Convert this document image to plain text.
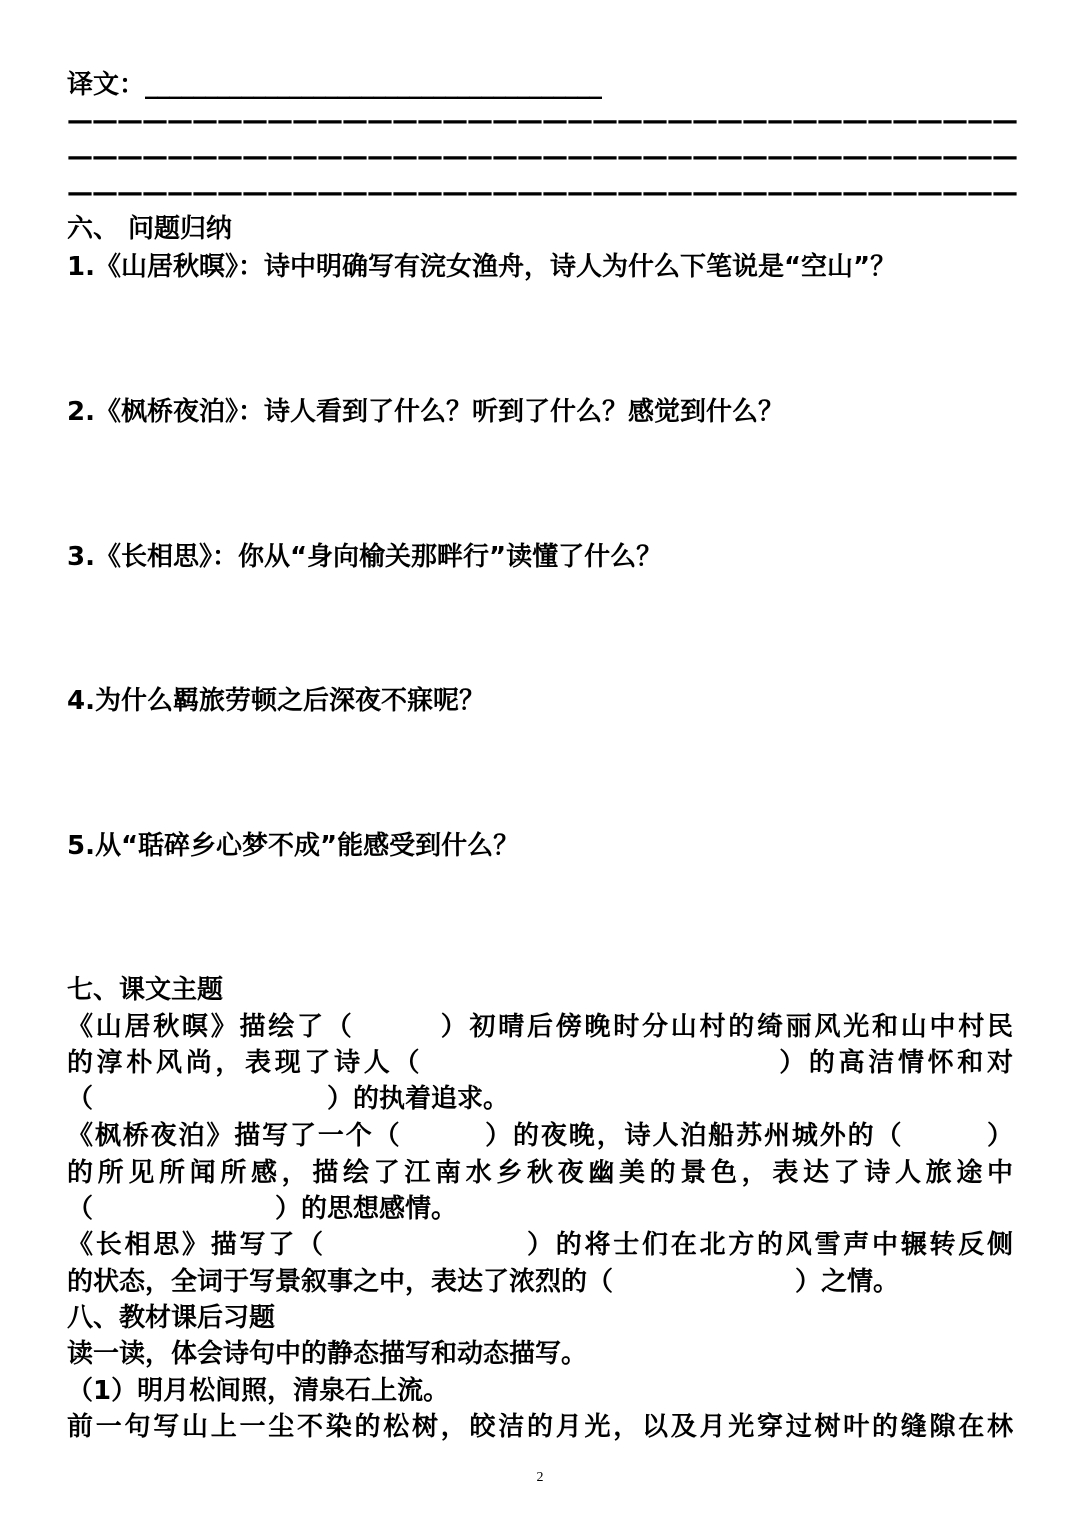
译文：______________________________________
——————————————————————————————————————
——————————————————————————————————————
——————————————————————————————————————
六、 问题归纳
1.《山居秋暝》：诗中明确写有浣女渔舟，诗人为什么下笔说是“空山”？
2.《枫桥夜泊》：诗人看到了什么？听到了什么？感觉到什么？
3.《长相思》：你从“身向榆关那畔行”读懂了什么？
4.为什么羁旅劳顿之后深夜不寐呢？
5.从“聒碎乡心梦不成”能感受到什么？
七、课文主题
《山居秋暝》描绘了（　　　）初晴后傍晚时分山村的绮丽风光和山中村民
的淳朴风尚，表现了诗人（　　　　　　　　　　　　）的高洁情怀和对
（　　　　　　　　　）的执着追求。
《枫桥夜泊》描写了一个（　　　）的夜晚，诗人泊船苏州城外的（　　　）
的所见所闻所感，描绘了江南水乡秋夜幽美的景色，表达了诗人旅途中
（　　　　　　　）的思想感情。
《长相思》描写了（　　　　　　　）的将士们在北方的风雪声中辗转反侧
的状态，全词于写景叙事之中，表达了浓烈的（　　　　　　　）之情。
八、教材课后习题
读一读，体会诗句中的静态描写和动态描写。
（1）明月松间照，清泉石上流。
前一句写山上一尘不染的松树，皎洁的月光，以及月光穿过树叶的缝隙在林
2
